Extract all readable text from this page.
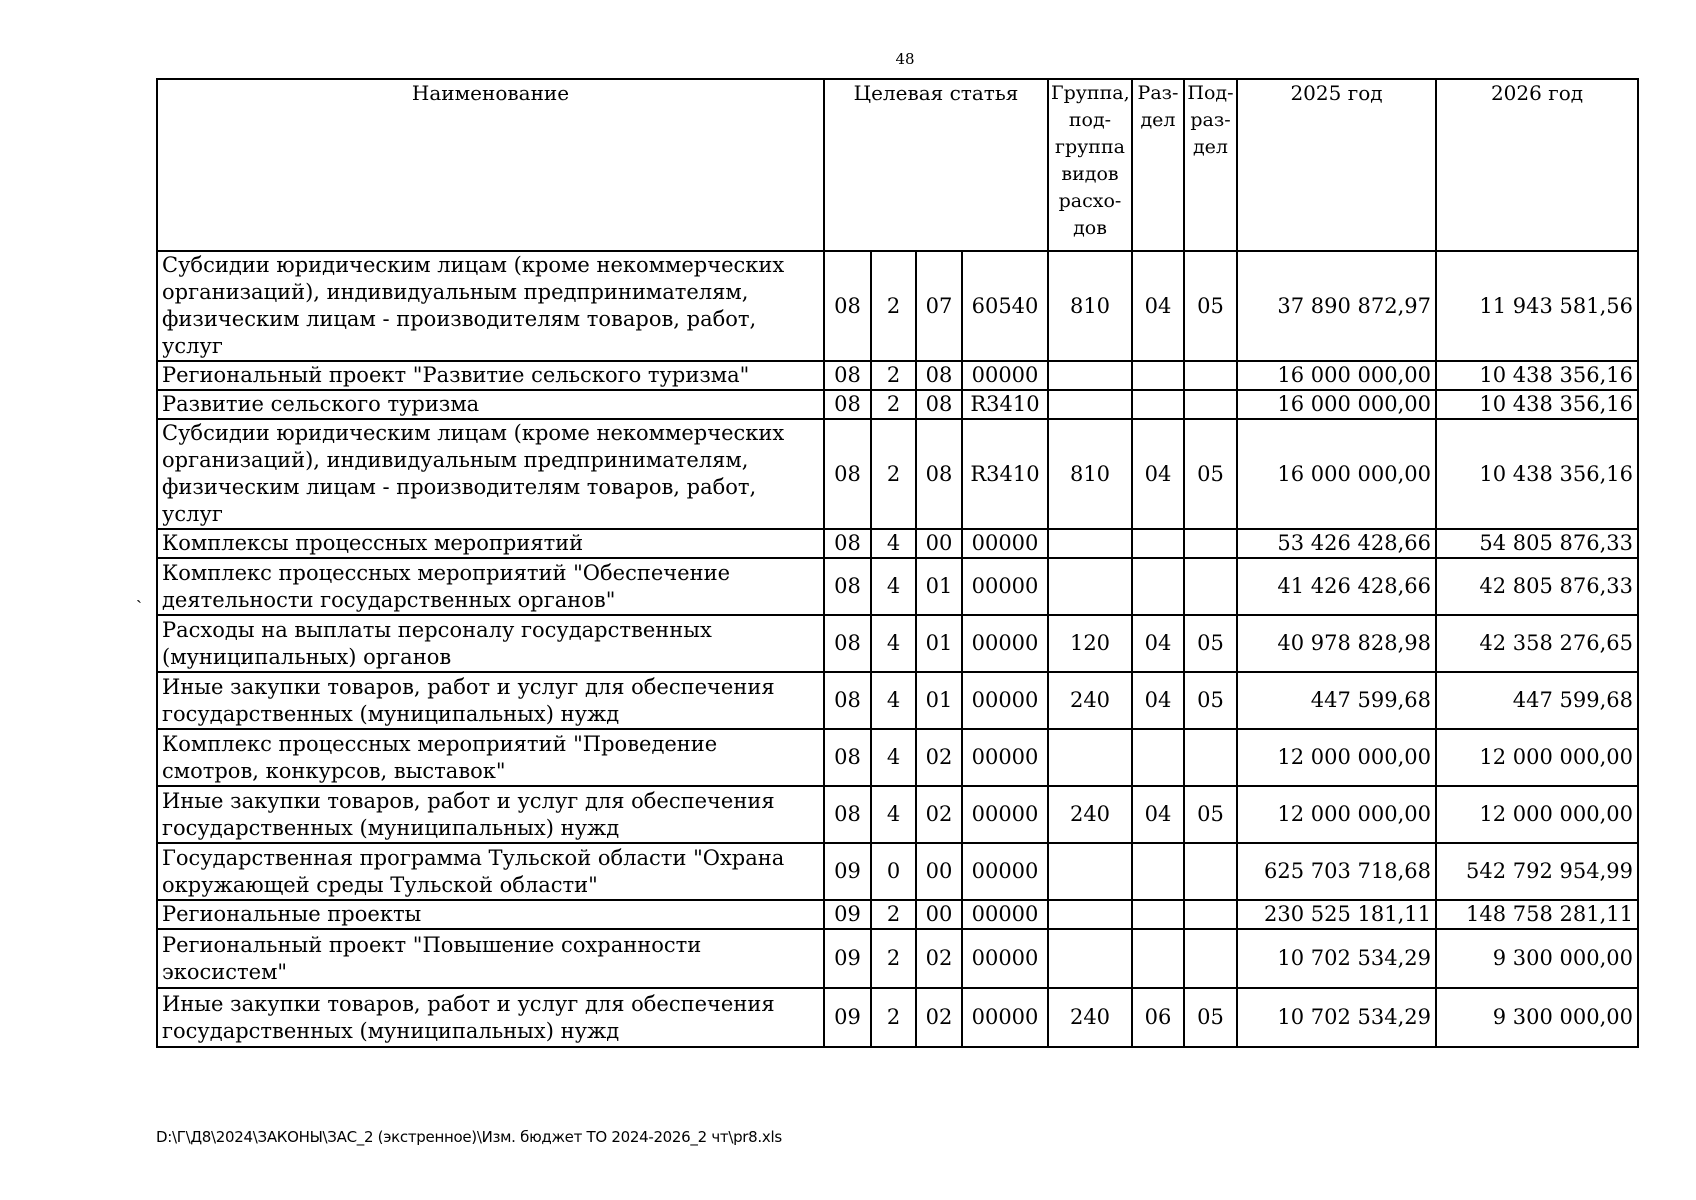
48
ˎ
Наименование	Целевая статья				Группа, под-группа видов расхо-дов	Раз-дел	Под-раз-дел	2025 год	2026 год
Субсидии юридическим лицам (кроме некоммерческих организаций), индивидуальным предпринимателям, физическим лицам - производителям товаров, работ, услуг	08	2	07	60540	810	04	05	37 890 872,97	11 943 581,56
Региональный проект "Развитие сельского туризма"	08	2	08	00000				16 000 000,00	10 438 356,16
Развитие сельского туризма	08	2	08	R3410				16 000 000,00	10 438 356,16
Субсидии юридическим лицам (кроме некоммерческих организаций), индивидуальным предпринимателям, физическим лицам - производителям товаров, работ, услуг	08	2	08	R3410	810	04	05	16 000 000,00	10 438 356,16
Комплексы процессных мероприятий	08	4	00	00000				53 426 428,66	54 805 876,33
Комплекс процессных мероприятий "Обеспечение деятельности государственных органов"	08	4	01	00000				41 426 428,66	42 805 876,33
Расходы на выплаты персоналу государственных (муниципальных) органов	08	4	01	00000	120	04	05	40 978 828,98	42 358 276,65
Иные закупки товаров, работ и услуг для обеспечения государственных (муниципальных) нужд	08	4	01	00000	240	04	05	447 599,68	447 599,68
Комплекс процессных мероприятий "Проведение смотров, конкурсов, выставок"	08	4	02	00000				12 000 000,00	12 000 000,00
Иные закупки товаров, работ и услуг для обеспечения государственных (муниципальных) нужд	08	4	02	00000	240	04	05	12 000 000,00	12 000 000,00
Государственная программа Тульской области "Охрана окружающей среды Тульской области"	09	0	00	00000				625 703 718,68	542 792 954,99
Региональные проекты	09	2	00	00000				230 525 181,11	148 758 281,11
Региональный проект "Повышение сохранности экосистем"	09	2	02	00000				10 702 534,29	9 300 000,00
Иные закупки товаров, работ и услуг для обеспечения государственных (муниципальных) нужд	09	2	02	00000	240	06	05	10 702 534,29	9 300 000,00
D:\Г\Д8\2024\ЗАКОНЫ\ЗАС_2 (экстренное)\Изм. бюджет ТО 2024-2026_2 чт\pr8.xls
